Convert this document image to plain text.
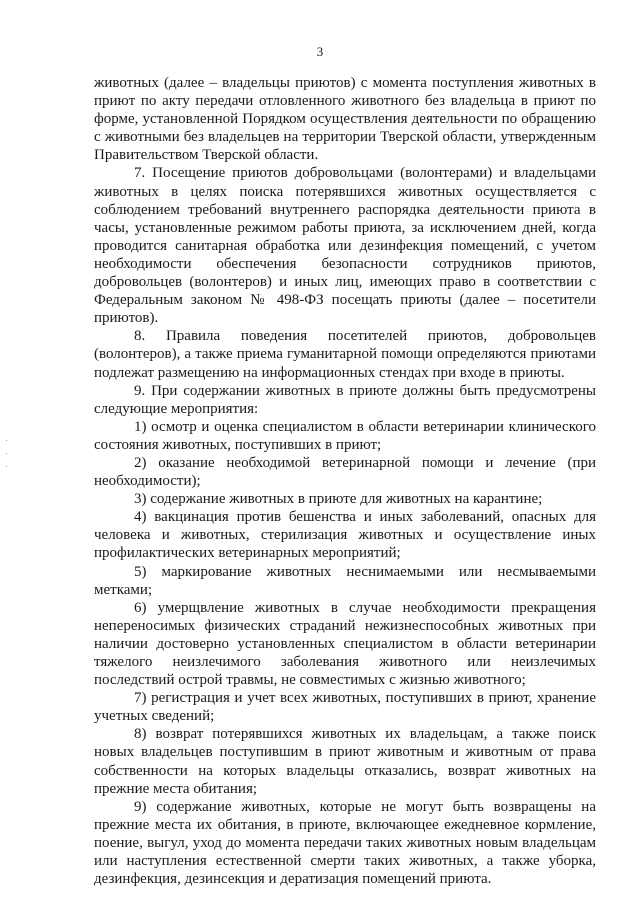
3

животных (далее – владельцы приютов) с момента поступления животных в приют по акту передачи отловленного животного без владельца в приют по форме, установленной Порядком осуществления деятельности по обращению с животными без владельцев на территории Тверской области, утвержденным Правительством Тверской области.

7. Посещение приютов добровольцами (волонтерами) и владельцами животных в целях поиска потерявшихся животных осуществляется с соблюдением требований внутреннего распорядка деятельности приюта в часы, установленные режимом работы приюта, за исключением дней, когда проводится санитарная обработка или дезинфекция помещений, с учетом необходимости обеспечения безопасности сотрудников приютов, добровольцев (волонтеров) и иных лиц, имеющих право в соответствии с Федеральным законом № 498-ФЗ посещать приюты (далее – посетители приютов).

8. Правила поведения посетителей приютов, добровольцев (волонтеров), а также приема гуманитарной помощи определяются приютами подлежат размещению на информационных стендах при входе в приюты.

9. При содержании животных в приюте должны быть предусмотрены следующие мероприятия:

1) осмотр и оценка специалистом в области ветеринарии клинического состояния животных, поступивших в приют;

2) оказание необходимой ветеринарной помощи и лечение (при необходимости);

3) содержание животных в приюте для животных на карантине;

4) вакцинация против бешенства и иных заболеваний, опасных для человека и животных, стерилизация животных и осуществление иных профилактических ветеринарных мероприятий;

5) маркирование животных неснимаемыми или несмываемыми метками;

6) умерщвление животных в случае необходимости прекращения непереносимых физических страданий нежизнеспособных животных при наличии достоверно установленных специалистом в области ветеринарии тяжелого неизлечимого заболевания животного или неизлечимых последствий острой травмы, не совместимых с жизнью животного;

7) регистрация и учет всех животных, поступивших в приют, хранение учетных сведений;

8) возврат потерявшихся животных их владельцам, а также поиск новых владельцев поступившим в приют животным и животным от права собственности на которых владельцы отказались, возврат животных на прежние места обитания;

9) содержание животных, которые не могут быть возвращены на прежние места их обитания, в приюте, включающее ежедневное кормление, поение, выгул, уход до момента передачи таких животных новым владельцам или наступления естественной смерти таких животных, а также уборка, дезинфекция, дезинсекция и дератизация помещений приюта.
